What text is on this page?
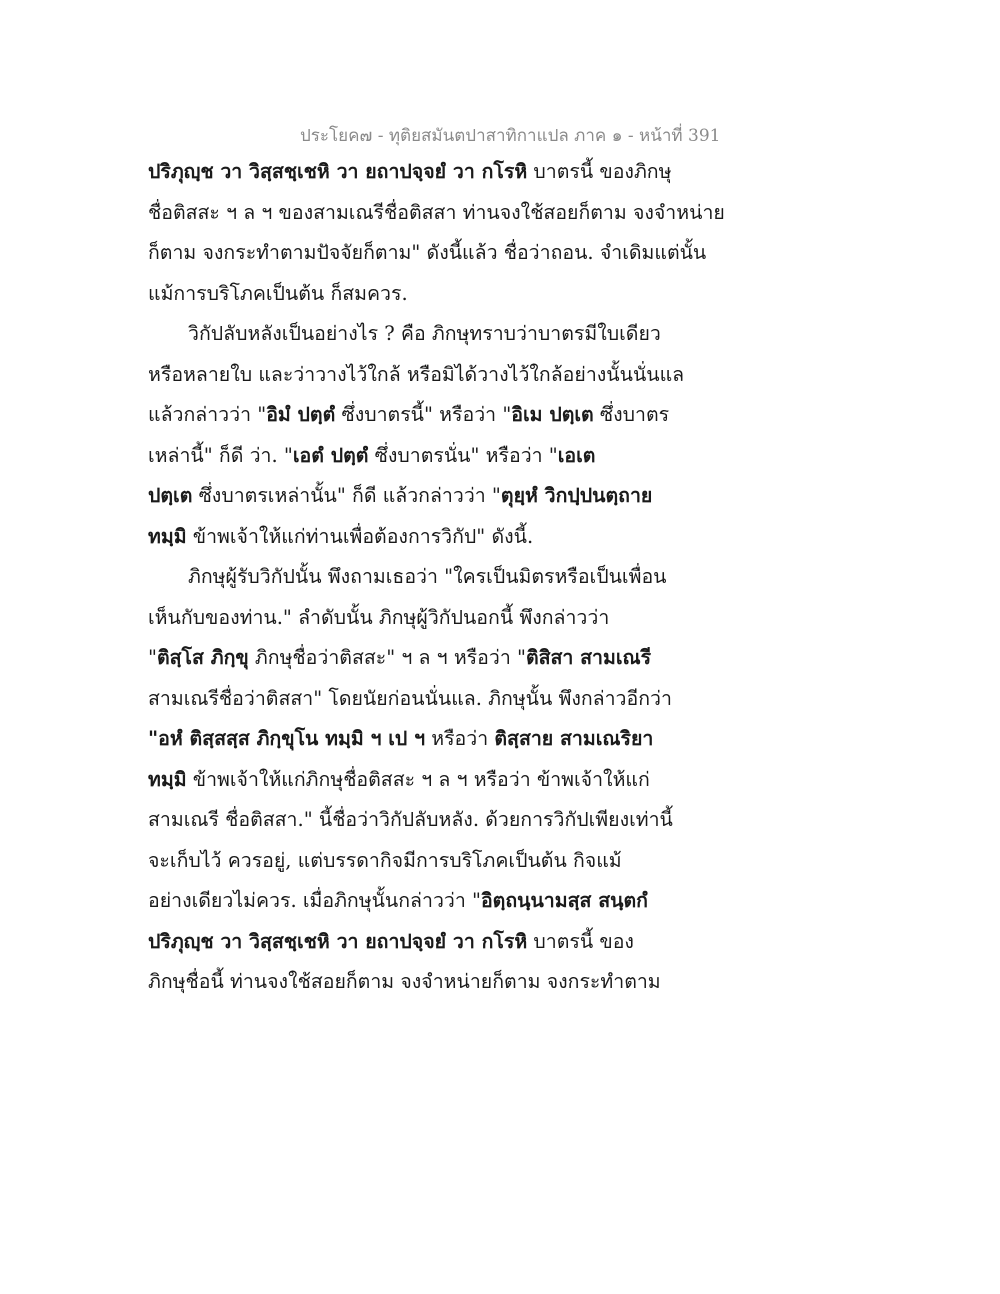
ประโยค๗ - ทุติยสมันตปาสาทิกาแปล ภาค ๑ - หน้าที่ 391
ปริภุญฺช วา วิสฺสชฺเชหิ วา ยถาปจฺจยํ วา กโรหิ บาตรนี้ ของภิกษุ
ชื่อติสสะ ฯ ล ฯ ของสามเณรีชื่อติสสา ท่านจงใช้สอยก็ตาม จงจำหน่าย
ก็ตาม จงกระทำตามปัจจัยก็ตาม" ดังนี้แล้ว ชื่อว่าถอน. จำเดิมแต่นั้น
แม้การบริโภคเป็นต้น ก็สมควร.
วิกัปลับหลังเป็นอย่างไร ? คือ ภิกษุทราบว่าบาตรมีใบเดียว
หรือหลายใบ และว่าวางไว้ใกล้ หรือมิได้วางไว้ใกล้อย่างนั้นนั่นแล
แล้วกล่าวว่า "อิมํ ปตฺตํ ซึ่งบาตรนี้" หรือว่า "อิเม ปตฺเต ซึ่งบาตร
เหล่านี้" ก็ดี ว่า. "เอตํ ปตฺตํ ซึ่งบาตรนั่น" หรือว่า "เอเต
ปตฺเต ซึ่งบาตรเหล่านั้น" ก็ดี แล้วกล่าวว่า "ตุยฺหํ วิกปฺปนตฺถาย
ทมฺมิ ข้าพเจ้าให้แก่ท่านเพื่อต้องการวิกัป" ดังนี้.
ภิกษุผู้รับวิกัปนั้น พึงถามเธอว่า "ใครเป็นมิตรหรือเป็นเพื่อน
เห็นกับของท่าน." ลำดับนั้น ภิกษุผู้วิกัปนอกนี้ พึงกล่าวว่า
"ติสฺโส ภิกฺขุ ภิกษุชื่อว่าติสสะ" ฯ ล ฯ หรือว่า "ติสิสา สามเณรี
สามเณรีชื่อว่าติสสา" โดยนัยก่อนนั่นแล. ภิกษุนั้น พึงกล่าวอีกว่า
"อหํ ติสฺสสฺส ภิกฺขุโน ทมฺมิ ฯ เป ฯ หรือว่า ติสฺสาย สามเณริยา
ทมฺมิ ข้าพเจ้าให้แก่ภิกษุชื่อติสสะ ฯ ล ฯ หรือว่า ข้าพเจ้าให้แก่
สามเณรี ชื่อติสสา." นี้ชื่อว่าวิกัปลับหลัง. ด้วยการวิกัปเพียงเท่านี้
จะเก็บไว้ ควรอยู่, แต่บรรดากิจมีการบริโภคเป็นต้น กิจแม้
อย่างเดียวไม่ควร. เมื่อภิกษุนั้นกล่าวว่า "อิตฺถนฺนามสฺส สนฺตกํ
ปริภุญฺช วา วิสฺสชฺเชหิ วา ยถาปจฺจยํ วา กโรหิ บาตรนี้ ของ
ภิกษุชื่อนี้ ท่านจงใช้สอยก็ตาม จงจำหน่ายก็ตาม จงกระทำตาม
